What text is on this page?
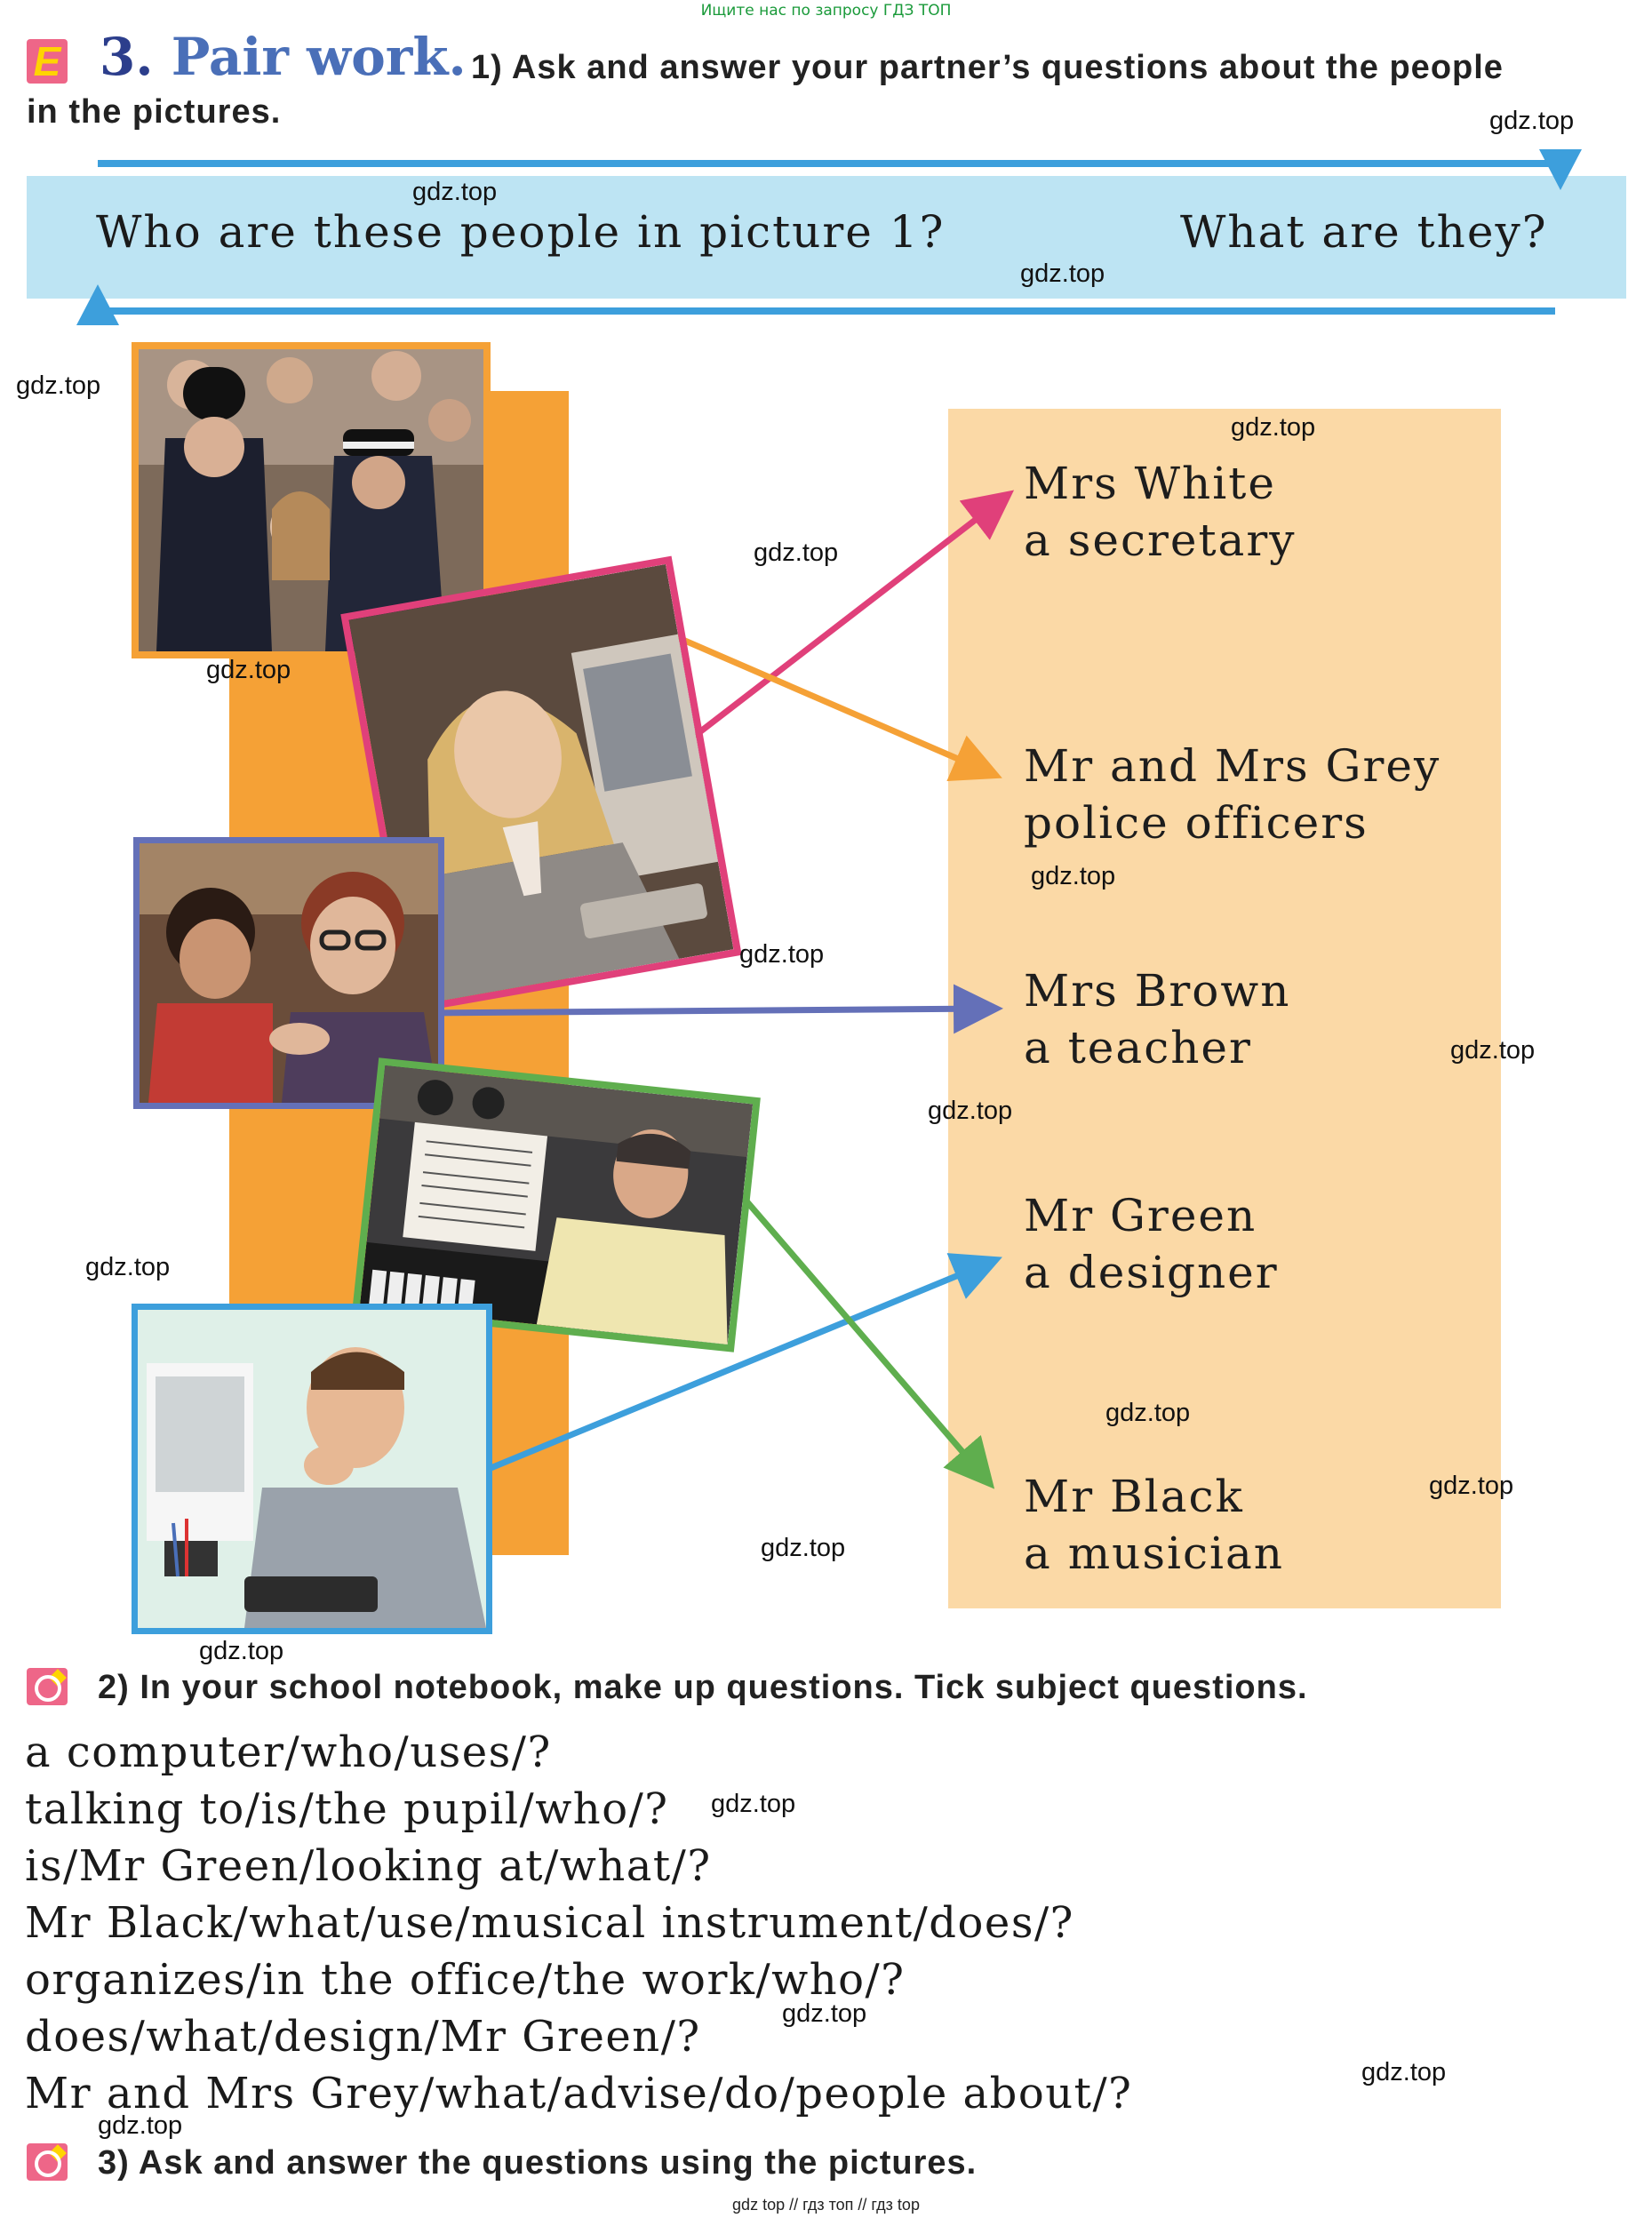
Ищите нас по запросу ГДЗ ТОП
E 3. Pair work. 1) Ask and answer your partner’s questions about the people
in the pictures.
Who are these people in picture 1?	What are they?
Mrs White
a secretary
Mr and Mrs Grey
police officers
Mrs Brown
a teacher
Mr Green
a designer
Mr Black
a musician
2) In your school notebook, make up questions. Tick subject questions.
a computer/who/uses/?
talking to/is/the pupil/who/?
is/Mr Green/looking at/what/?
Mr Black/what/use/musical instrument/does/?
organizes/in the office/the work/who/?
does/what/design/Mr Green/?
Mr and Mrs Grey/what/advise/do/people about/?
3) Ask and answer the questions using the pictures.
gdz.top
gdz.top
gdz.top
gdz.top
gdz.top
gdz.top
gdz.top
gdz.top
gdz.top
gdz.top
gdz.top
gdz.top
gdz.top
gdz.top
gdz.top
gdz.top
gdz.top
gdz.top
gdz.top
gdz.top
gdz top // гдз топ // гдз top
